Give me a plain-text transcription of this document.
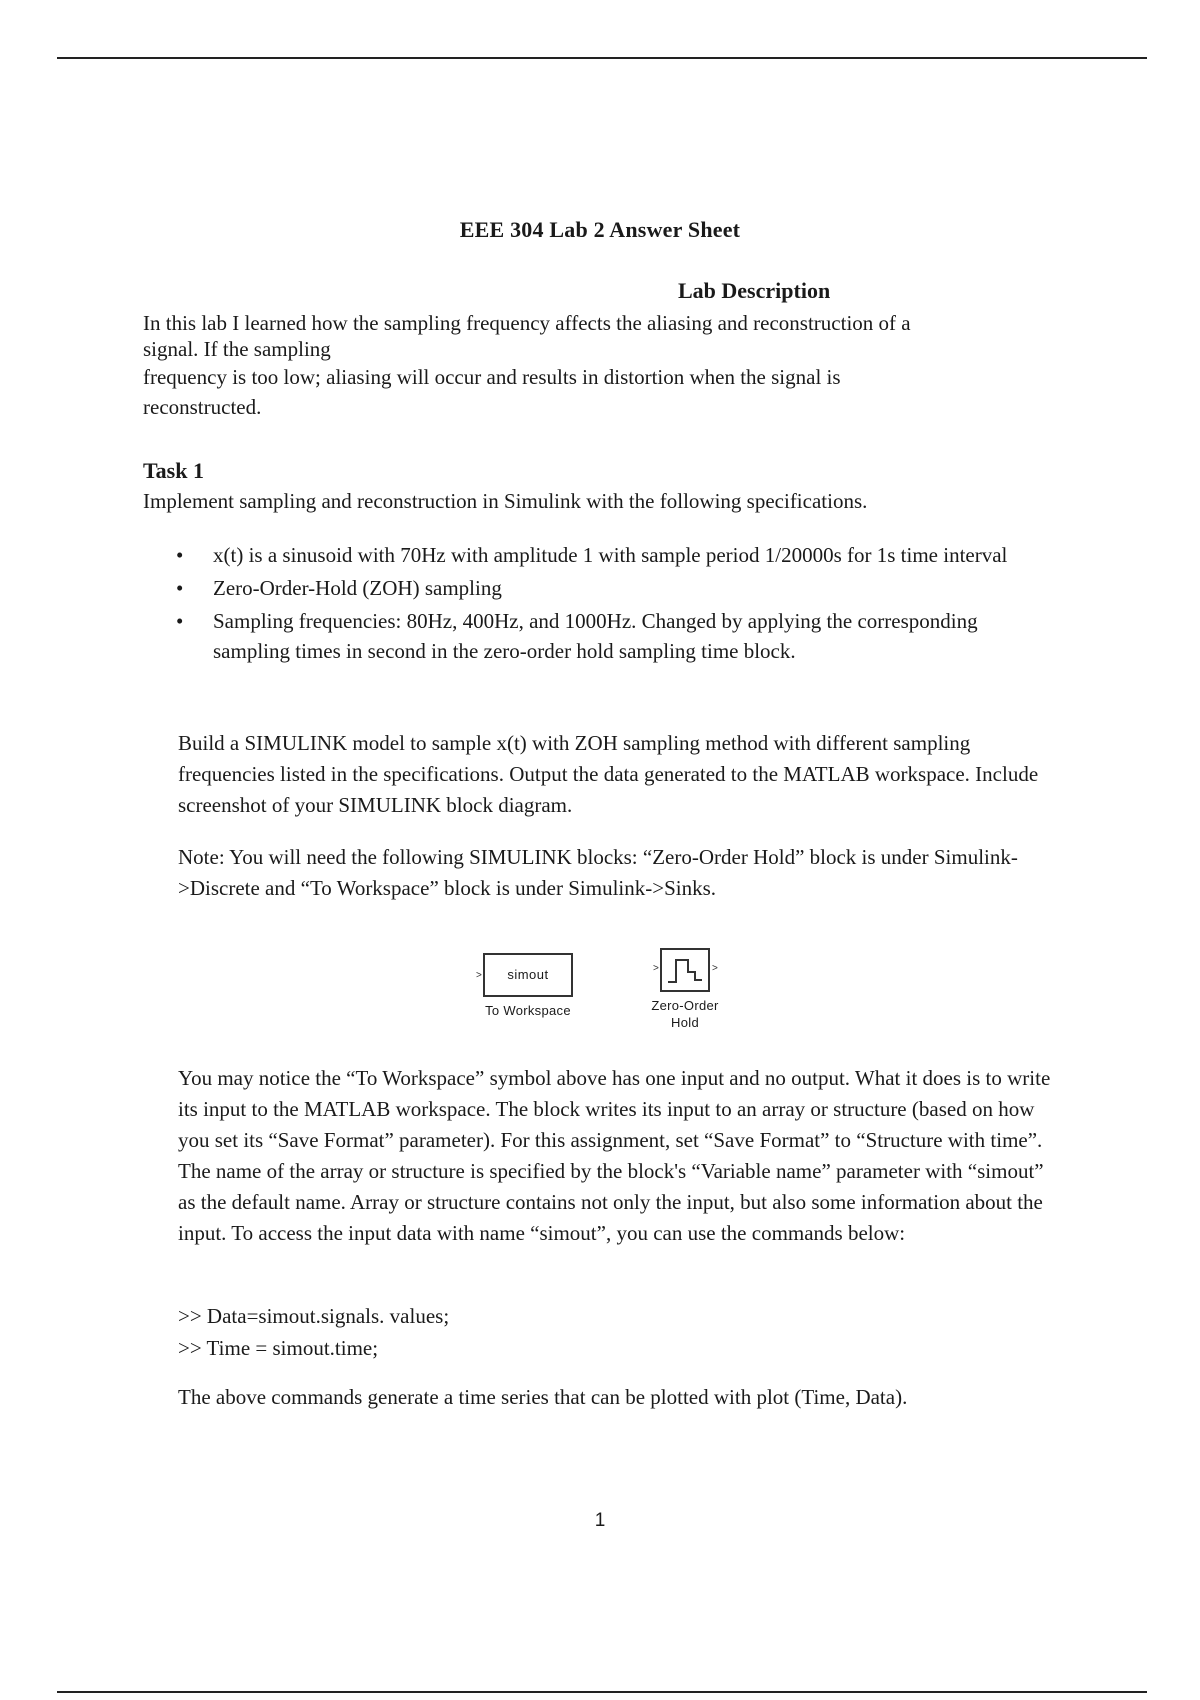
EEE 304 Lab 2 Answer Sheet
Lab Description

In this lab I learned how the sampling frequency affects the aliasing and reconstruction of a

signal. If the sampling

frequency is too low; aliasing will occur and results in distortion when the signal is

reconstructed.

Task 1
Implement sampling and reconstruction in Simulink with the following specifications.
• x(t) is a sinusoid with 70Hz with amplitude 1 with sample period 1/20000s for 1s time interval
• Zero-Order-Hold (ZOH) sampling
• Sampling frequencies: 80Hz, 400Hz, and 1000Hz. Changed by applying the corresponding sampling times in second in the zero-order hold sampling time block.

Build a SIMULINK model to sample x(t) with ZOH sampling method with different sampling frequencies listed in the specifications. Output the data generated to the MATLAB workspace. Include screenshot of your SIMULINK block diagram.

Note: You will need the following SIMULINK blocks: “Zero-Order Hold” block is under Simulink->Discrete and “To Workspace” block is under Simulink->Sinks.

>	simout
To Workspace
>	>
Zero-Order
Hold

You may notice the “To Workspace” symbol above has one input and no output. What it does is to write its input to the MATLAB workspace. The block writes its input to an array or structure (based on how you set its “Save Format” parameter). For this assignment, set “Save Format” to “Structure with time”. The name of the array or structure is specified by the block's “Variable name” parameter with “simout” as the default name. Array or structure contains not only the input, but also some information about the input. To access the input data with name “simout”, you can use the commands below:

>> Data=simout.signals. values;
>> Time = simout.time;

The above commands generate a time series that can be plotted with plot (Time, Data).

1
